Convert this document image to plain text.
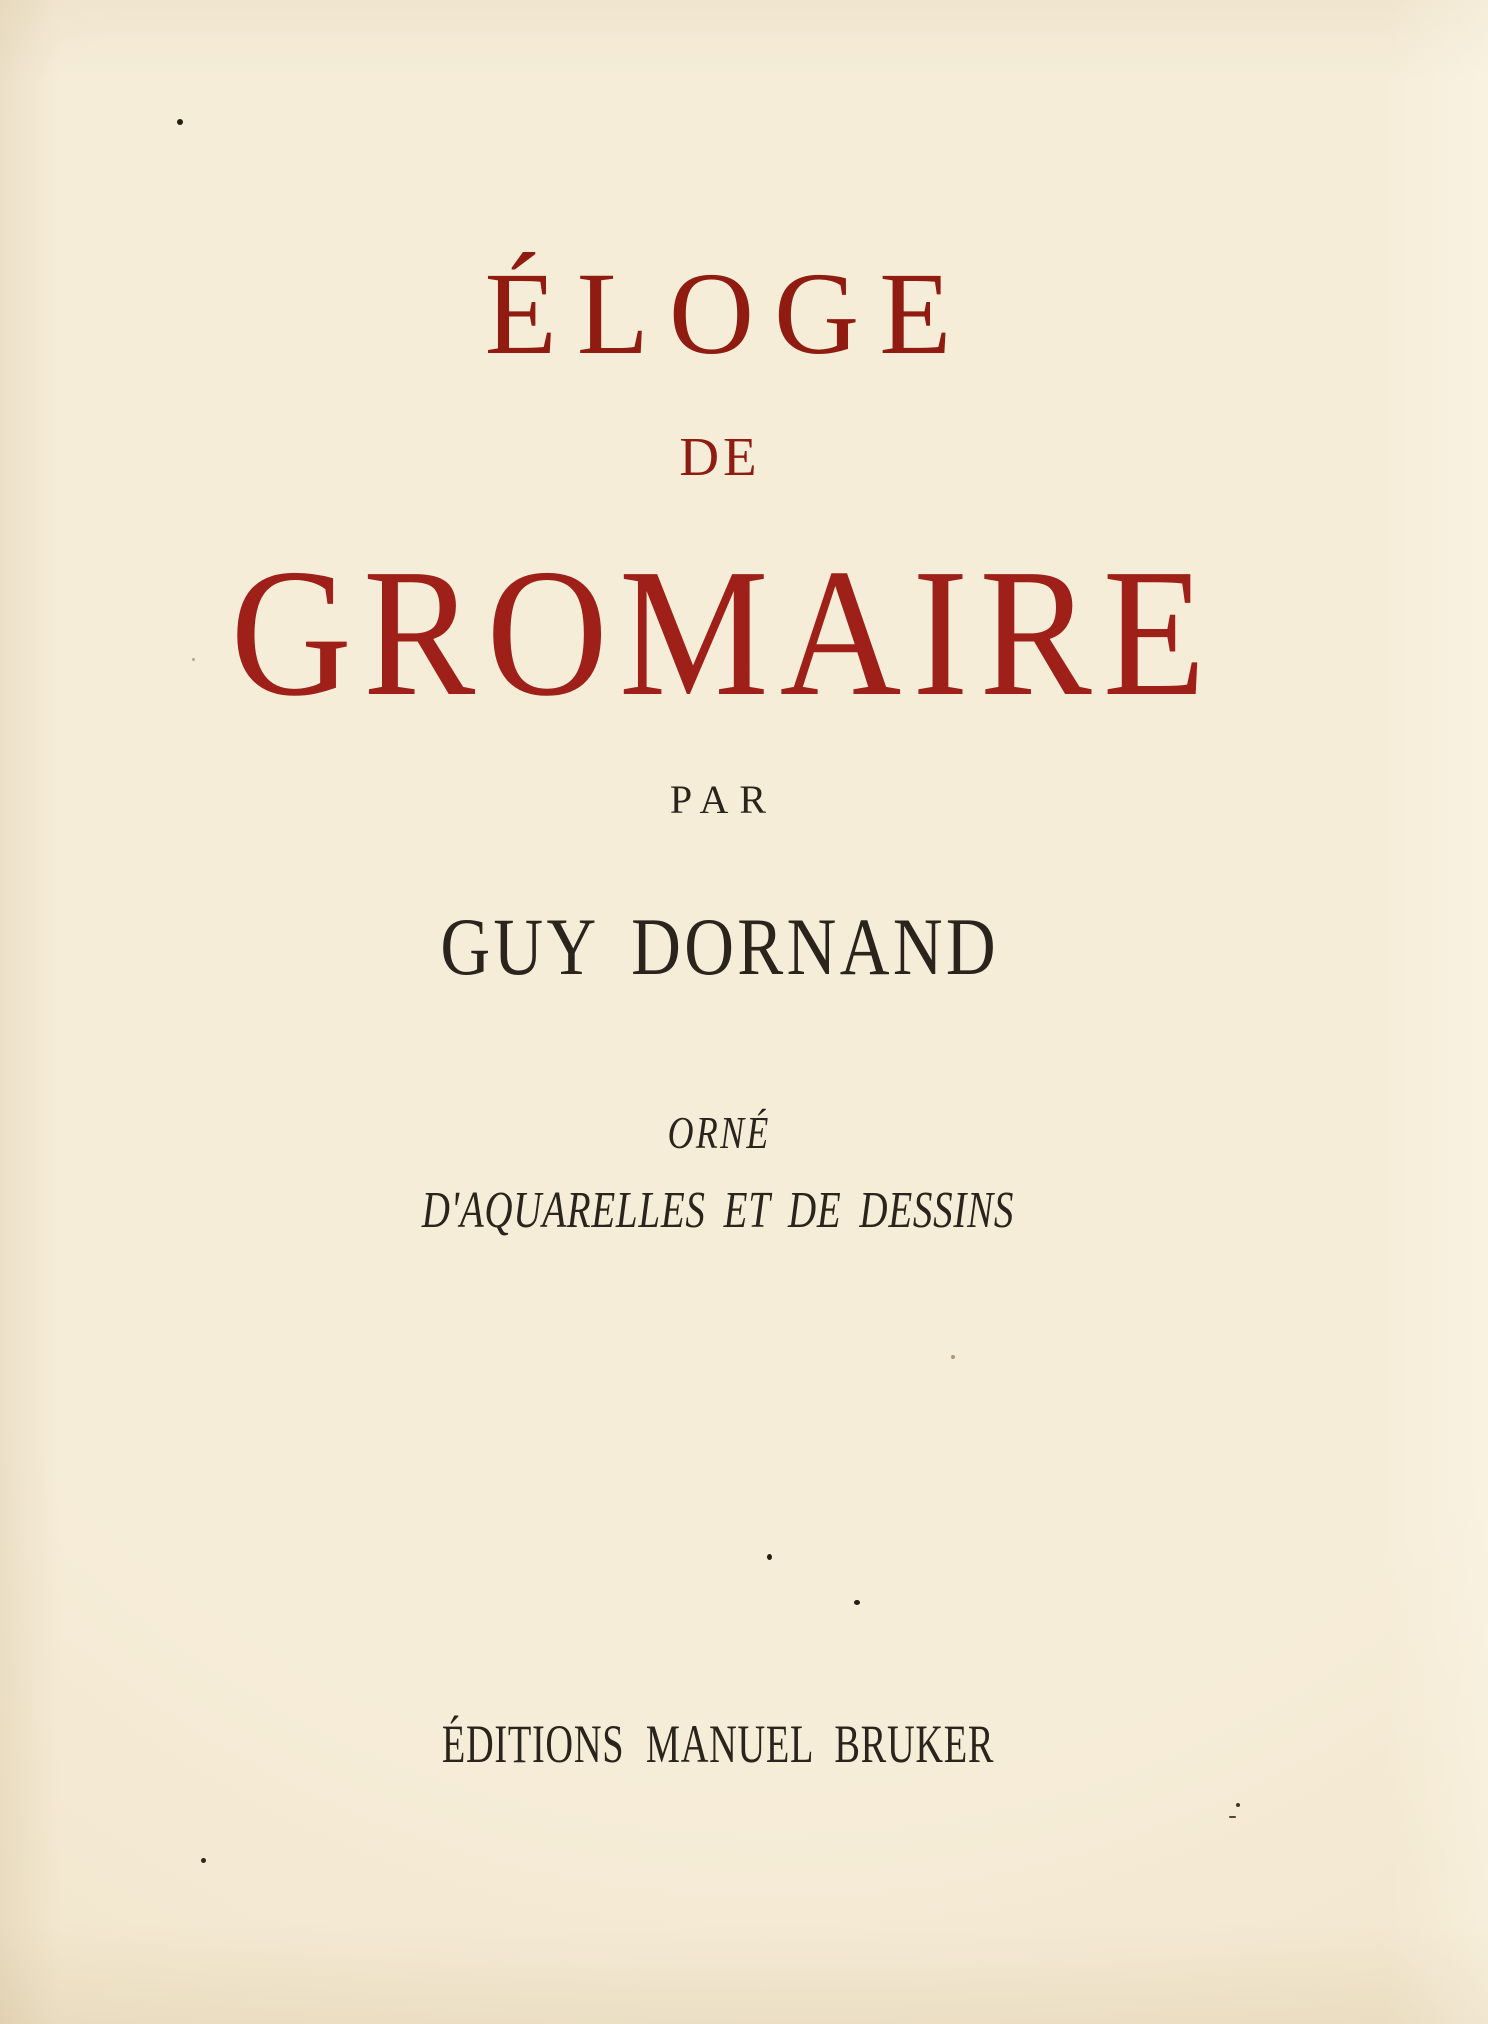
ÉLOGE
DE
GROMAIRE
PAR
GUY DORNAND
ORNÉ
D'AQUARELLES ET DE DESSINS
ÉDITIONS MANUEL BRUKER
